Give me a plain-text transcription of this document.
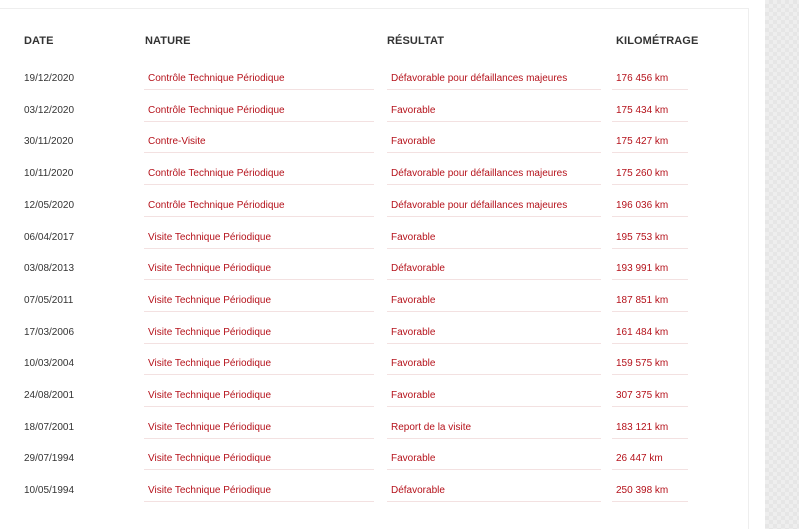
DATE	NATURE	RÉSULTAT	KILOMÉTRAGE
19/12/2020	Contrôle Technique Périodique	Défavorable pour défaillances majeures	176 456 km
03/12/2020	Contrôle Technique Périodique	Favorable	175 434 km
30/11/2020	Contre-Visite	Favorable	175 427 km
10/11/2020	Contrôle Technique Périodique	Défavorable pour défaillances majeures	175 260 km
12/05/2020	Contrôle Technique Périodique	Défavorable pour défaillances majeures	196 036 km
06/04/2017	Visite Technique Périodique	Favorable	195 753 km
03/08/2013	Visite Technique Périodique	Défavorable	193 991 km
07/05/2011	Visite Technique Périodique	Favorable	187 851 km
17/03/2006	Visite Technique Périodique	Favorable	161 484 km
10/03/2004	Visite Technique Périodique	Favorable	159 575 km
24/08/2001	Visite Technique Périodique	Favorable	307 375 km
18/07/2001	Visite Technique Périodique	Report de la visite	183 121 km
29/07/1994	Visite Technique Périodique	Favorable	26 447 km
10/05/1994	Visite Technique Périodique	Défavorable	250 398 km
